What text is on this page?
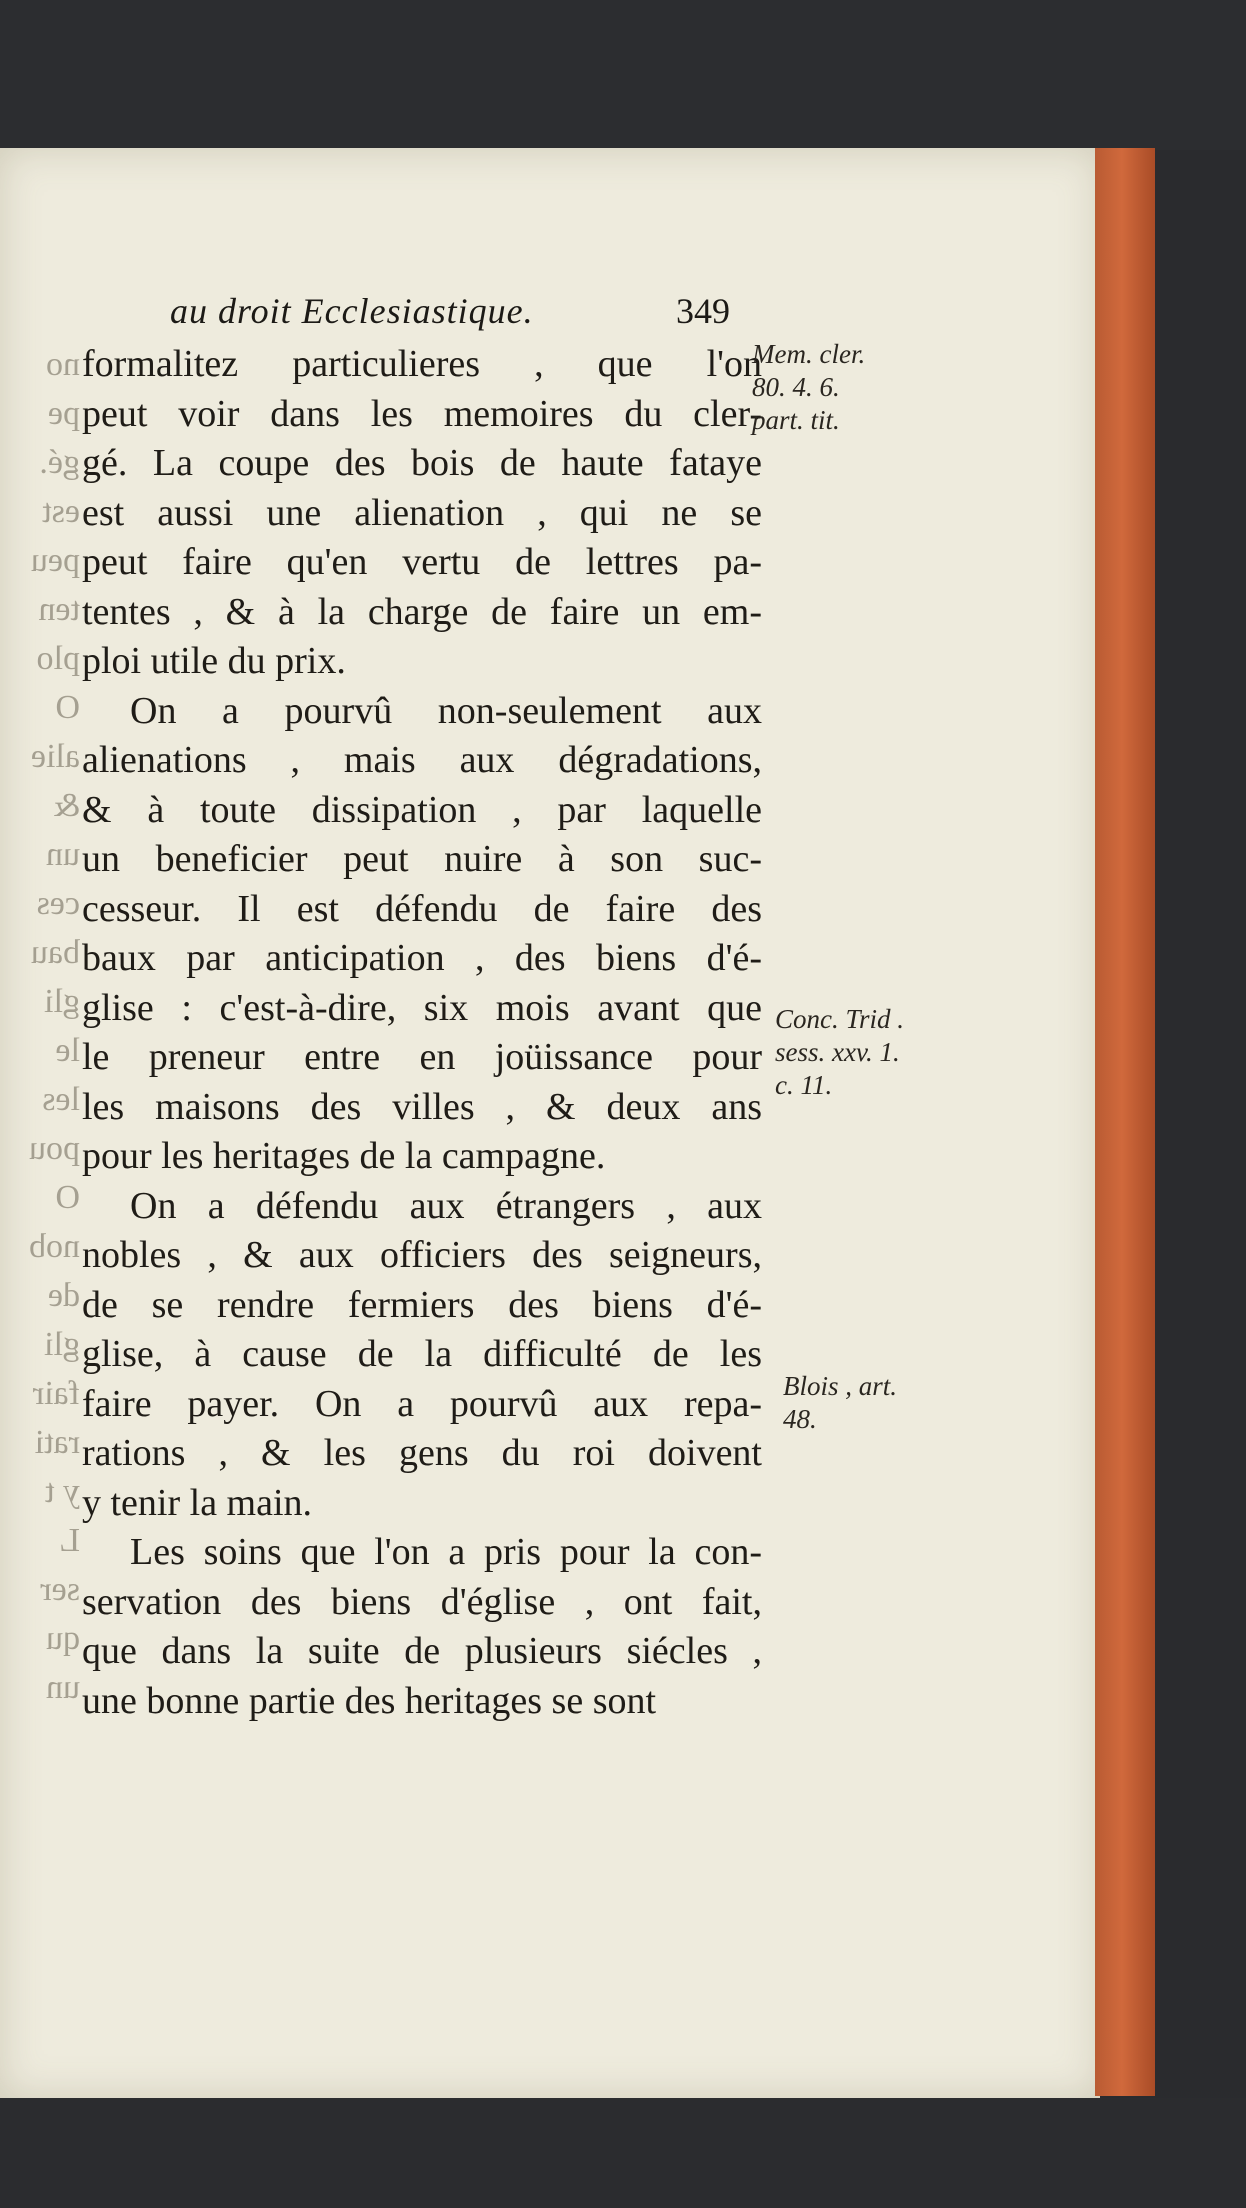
no
pe
gé.
est
peu
ten
plo
O
alie
&
un
ces
bau
gli
le
les
pou
O
nob
de
gli
fair
rati
y t
L
ser
qu
un
au droit Ecclesiastique.	349
formalitez particulieres , que l'on
peut voir dans les memoires du cler-
gé. La coupe des bois de haute fataye
est aussi une alienation , qui ne se
peut faire qu'en vertu de lettres pa-
tentes , & à la charge de faire un em-
ploi utile du prix.
On a pourvû non-seulement aux
alienations , mais aux dégradations,
& à toute dissipation , par laquelle
un beneficier peut nuire à son suc-
cesseur. Il est défendu de faire des
baux par anticipation , des biens d'é-
glise : c'est-à-dire, six mois avant que
le preneur entre en joüissance pour
les maisons des villes , & deux ans
pour les heritages de la campagne.
On a défendu aux étrangers , aux
nobles , & aux officiers des seigneurs,
de se rendre fermiers des biens d'é-
glise, à cause de la difficulté de les
faire payer. On a pourvû aux repa-
rations , & les gens du roi doivent
y tenir la main.
Les soins que l'on a pris pour la con-
servation des biens d'église , ont fait,
que dans la suite de plusieurs siécles ,
une bonne partie des heritages se sont
Mem. cler.
80. 4. 6.
part. tit.
Conc. Trid .
sess. xxv. 1.
c. 11.
Blois , art.
48.
